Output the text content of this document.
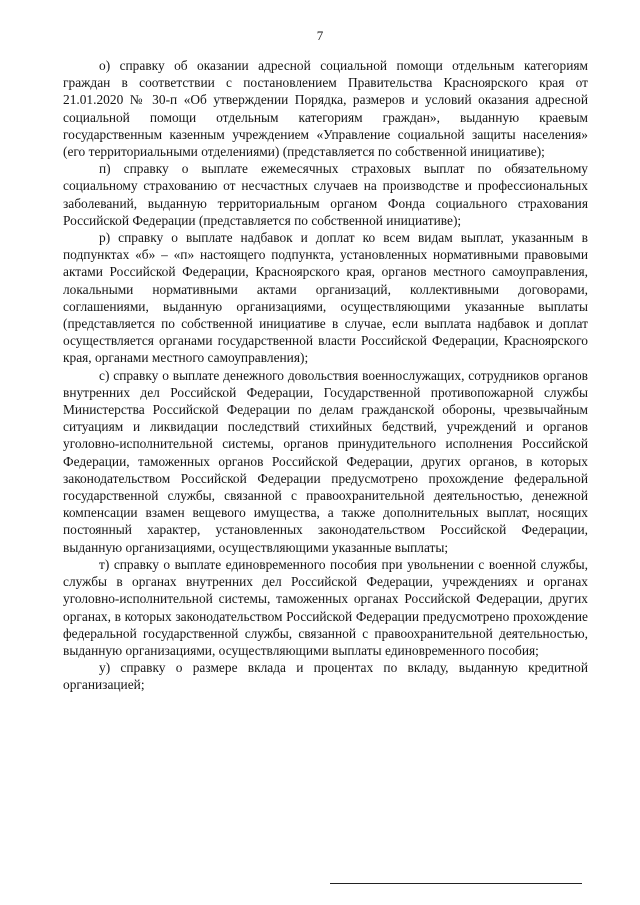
7

о) справку об оказании адресной социальной помощи отдельным категориям граждан в соответствии с постановлением Правительства Красноярского края от 21.01.2020 № 30-п «Об утверждении Порядка, размеров и условий оказания адресной социальной помощи отдельным категориям граждан», выданную краевым государственным казенным учреждением «Управление социальной защиты населения» (его территориальными отделениями) (представляется по собственной инициативе);

п) справку о выплате ежемесячных страховых выплат по обязательному социальному страхованию от несчастных случаев на производстве и профессиональных заболеваний, выданную территориальным органом Фонда социального страхования Российской Федерации (представляется по собственной инициативе);

р) справку о выплате надбавок и доплат ко всем видам выплат, указанным в подпунктах «б» – «п» настоящего подпункта, установленных нормативными правовыми актами Российской Федерации, Красноярского края, органов местного самоуправления, локальными нормативными актами организаций, коллективными договорами, соглашениями, выданную организациями, осуществляющими указанные выплаты (представляется по собственной инициативе в случае, если выплата надбавок и доплат осуществляется органами государственной власти Российской Федерации, Красноярского края, органами местного самоуправления);

с) справку о выплате денежного довольствия военнослужащих, сотрудников органов внутренних дел Российской Федерации, Государственной противопожарной службы Министерства Российской Федерации по делам гражданской обороны, чрезвычайным ситуациям и ликвидации последствий стихийных бедствий, учреждений и органов уголовно-исполнительной системы, органов принудительного исполнения Российской Федерации, таможенных органов Российской Федерации, других органов, в которых законодательством Российской Федерации предусмотрено прохождение федеральной государственной службы, связанной с правоохранительной деятельностью, денежной компенсации взамен вещевого имущества, а также дополнительных выплат, носящих постоянный характер, установленных законодательством Российской Федерации, выданную организациями, осуществляющими указанные выплаты;

т) справку о выплате единовременного пособия при увольнении с военной службы, службы в органах внутренних дел Российской Федерации, учреждениях и органах уголовно-исполнительной системы, таможенных органах Российской Федерации, других органах, в которых законодательством Российской Федерации предусмотрено прохождение федеральной государственной службы, связанной с правоохранительной деятельностью, выданную организациями, осуществляющими выплаты единовременного пособия;

у) справку о размере вклада и процентах по вкладу, выданную кредитной организацией;
